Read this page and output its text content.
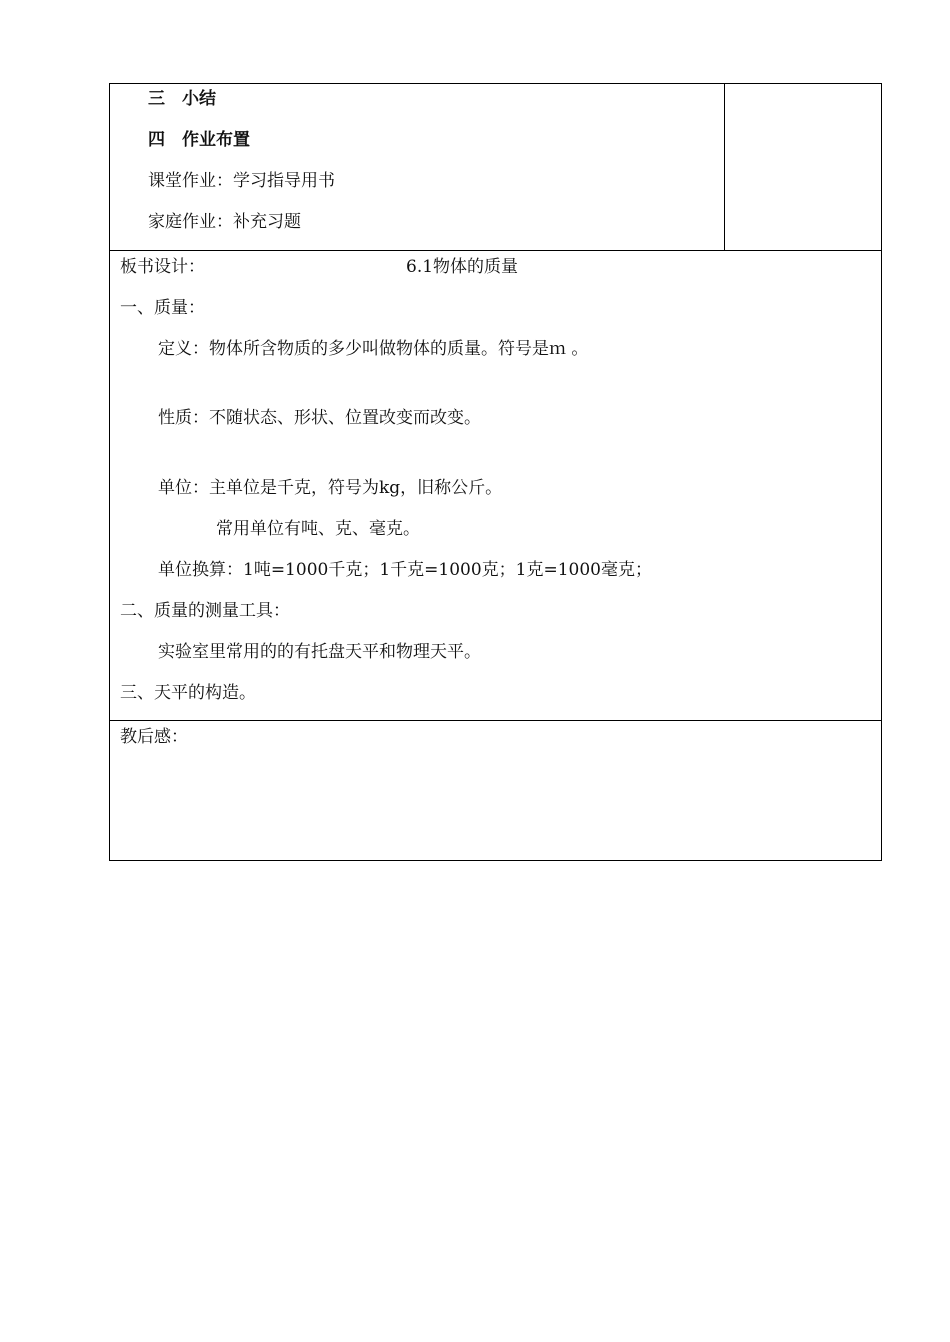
三　小结
四　作业布置
课堂作业：学习指导用书
家庭作业：补充习题
板书设计：	6.1物体的质量
一、质量：
定义：物体所含物质的多少叫做物体的质量。符号是ｍ 。
性质：不随状态、形状、位置改变而改变。
单位：主单位是千克，符号为kg，旧称公斤。
常用单位有吨、克、毫克。
单位换算：1吨=1000千克；1千克=1000克；1克=1000毫克；
二、质量的测量工具：
实验室里常用的的有托盘天平和物理天平。
三、天平的构造。
教后感：
